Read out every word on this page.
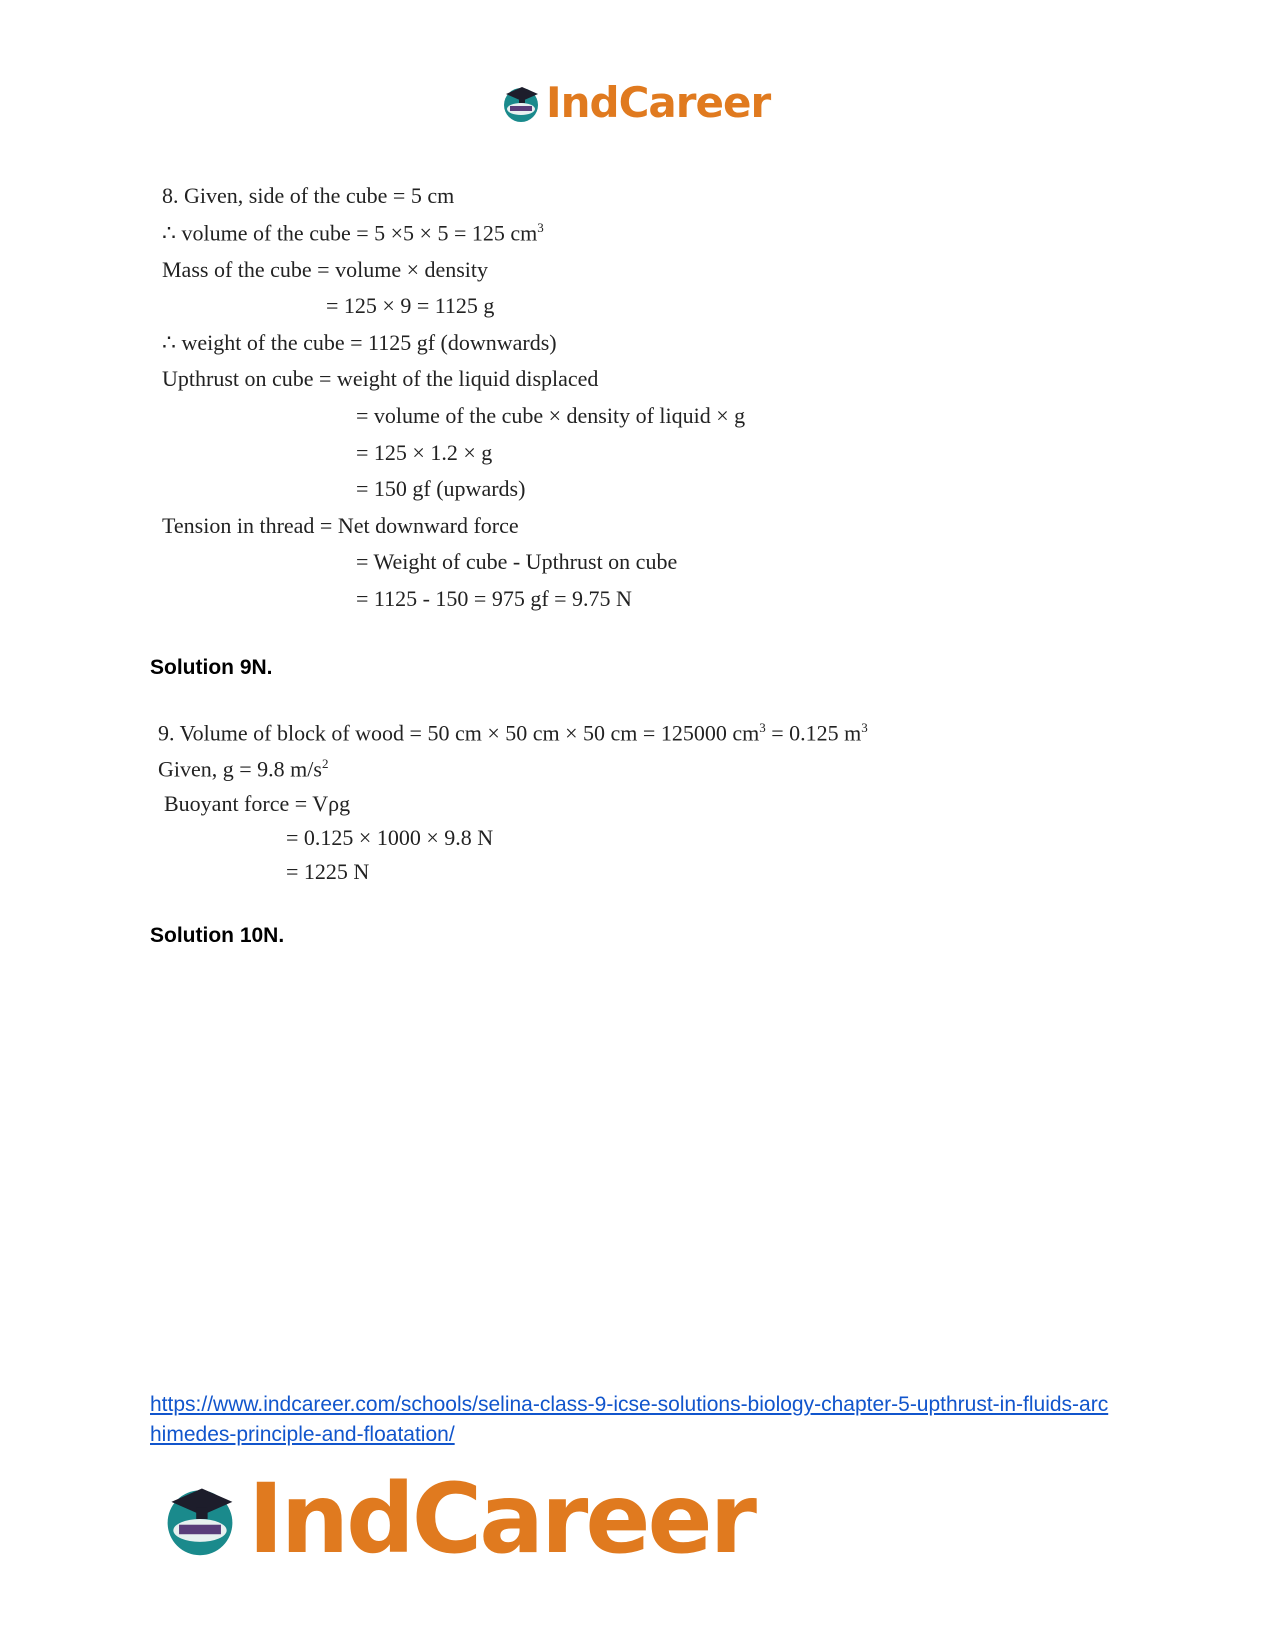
IndCareer
8. Given, side of the cube = 5 cm
∴ volume of the cube = 5 ×5 × 5 = 125 $cm^3$
Mass of the cube = volume × density
= 125 × 9 = 1125 g
∴ weight of the cube = 1125 gf (downwards)
Upthrust on cube = weight of the liquid displaced
= volume of the cube × density of liquid × g
= 125 × 1.2 × g
= 150 gf (upwards)
Tension in thread = Net downward force
= Weight of cube - Upthrust on cube
= 1125 - 150 = 975 gf = 9.75 N
Solution 9N.
9. Volume of block of wood = 50 cm × 50 cm × 50 cm = 125000 $cm^3 = 0.125$ $m^3$
Given, g = 9.8 $m/s^2$
Buoyant force = Vρg
= 0.125 × 1000 × 9.8 N
= 1225 N
Solution 10N.
https://www.indcareer.com/schools/selina-class-9-icse-solutions-biology-chapter-5-upthrust-in-fluids-archimedes-principle-and-floatation/
IndCareer
